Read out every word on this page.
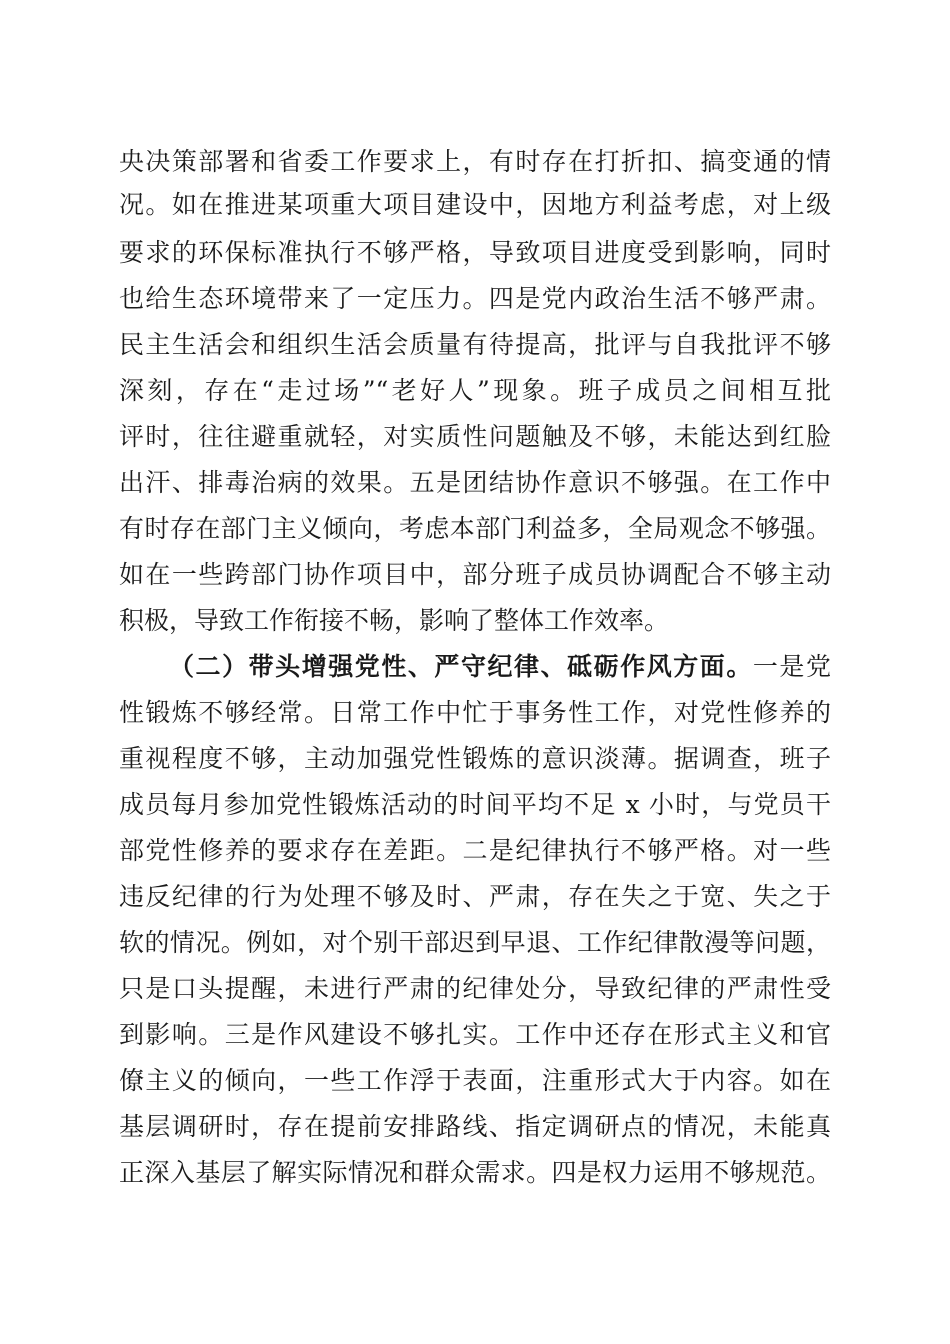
央决策部署和省委工作要求上，有时存在打折扣、搞变通的情
况。如在推进某项重大项目建设中，因地方利益考虑，对上级
要求的环保标准执行不够严格，导致项目进度受到影响，同时
也给生态环境带来了一定压力。四是党内政治生活不够严肃。
民主生活会和组织生活会质量有待提高，批评与自我批评不够
深刻，存在“走过场”“老好人”现象。班子成员之间相互批
评时，往往避重就轻，对实质性问题触及不够，未能达到红脸
出汗、排毒治病的效果。五是团结协作意识不够强。在工作中
有时存在部门主义倾向，考虑本部门利益多，全局观念不够强。
如在一些跨部门协作项目中，部分班子成员协调配合不够主动
积极，导致工作衔接不畅，影响了整体工作效率。
（二）带头增强党性、严守纪律、砥砺作风方面。一是党
性锻炼不够经常。日常工作中忙于事务性工作，对党性修养的
重视程度不够，主动加强党性锻炼的意识淡薄。据调查，班子
成员每月参加党性锻炼活动的时间平均不足 x 小时，与党员干
部党性修养的要求存在差距。二是纪律执行不够严格。对一些
违反纪律的行为处理不够及时、严肃，存在失之于宽、失之于
软的情况。例如，对个别干部迟到早退、工作纪律散漫等问题，
只是口头提醒，未进行严肃的纪律处分，导致纪律的严肃性受
到影响。三是作风建设不够扎实。工作中还存在形式主义和官
僚主义的倾向，一些工作浮于表面，注重形式大于内容。如在
基层调研时，存在提前安排路线、指定调研点的情况，未能真
正深入基层了解实际情况和群众需求。四是权力运用不够规范。
